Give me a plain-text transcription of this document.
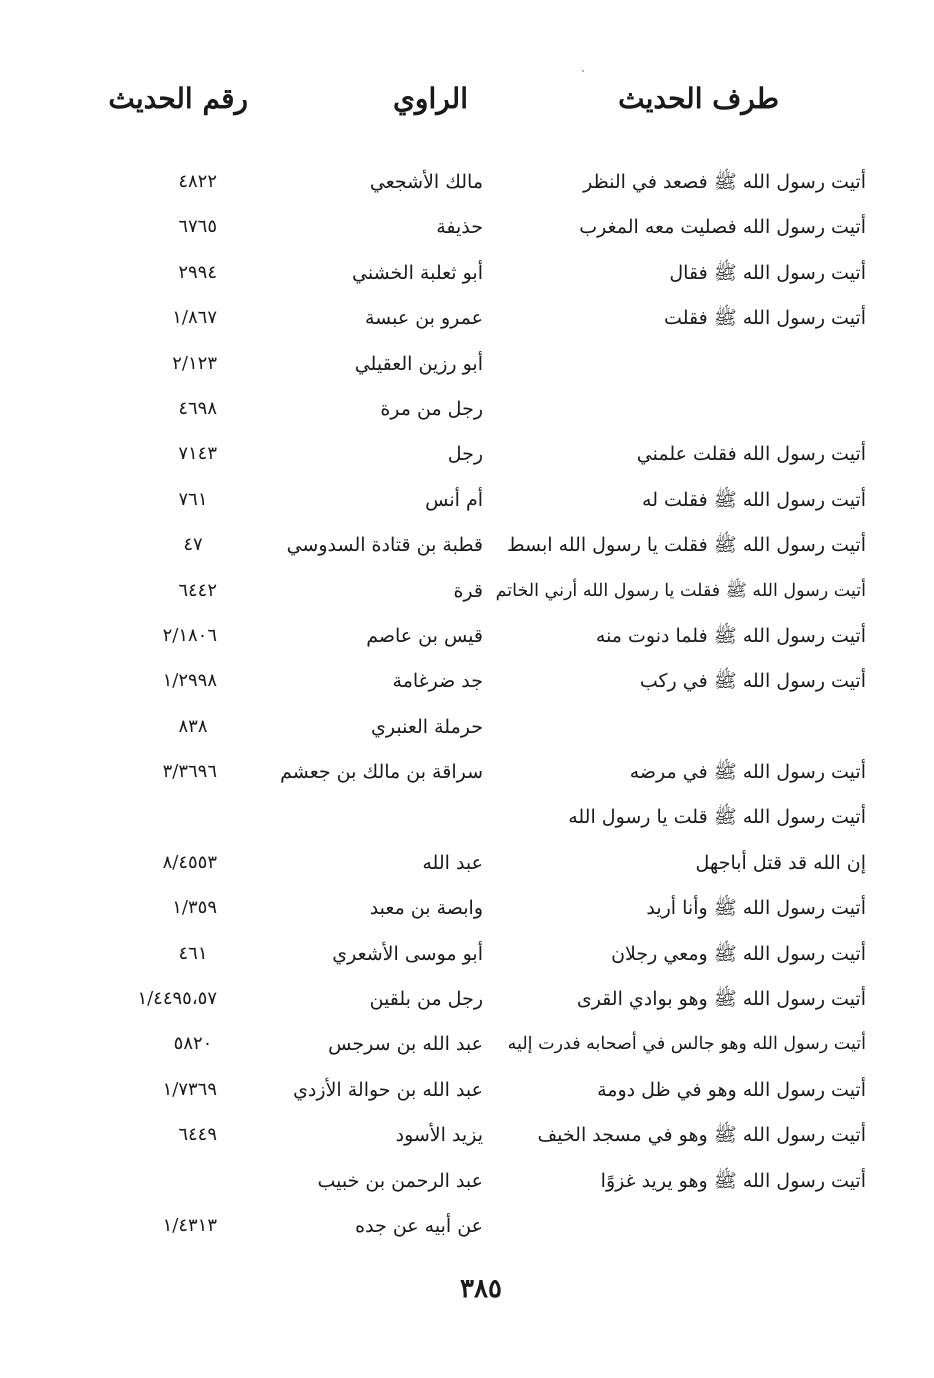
طرف الحديث
الراوي
رقم الحديث
أتيت رسول الله ﷺ فصعد في النظر
مالك الأشجعي
٤٨٢٢
أتيت رسول الله فصليت معه المغرب
حذيفة
٦٧٦٥
أتيت رسول الله ﷺ فقال
أبو ثعلبة الخشني
٢٩٩٤
أتيت رسول الله ﷺ فقلت
عمرو بن عبسة
١/٨٦٧
أبو رزين العقيلي
٢/١٢٣
رجل من مرة
٤٦٩٨
أتيت رسول الله فقلت علمني
رجل
٧١٤٣
أتيت رسول الله ﷺ فقلت له
أم أنس
٧٦١
أتيت رسول الله ﷺ فقلت يا رسول الله ابسط
قطبة بن قتادة السدوسي
٤٧
أتيت رسول الله ﷺ فقلت يا رسول الله أرني الخاتم
قرة
٦٤٤٢
أتيت رسول الله ﷺ فلما دنوت منه
قيس بن عاصم
٢/١٨٠٦
أتيت رسول الله ﷺ في ركب
جد ضرغامة
١/٢٩٩٨
حرملة العنبري
٨٣٨
أتيت رسول الله ﷺ في مرضه
سراقة بن مالك بن جعشم
٣/٣٦٩٦
أتيت رسول الله ﷺ قلت يا رسول الله
إن الله قد قتل أباجهل
عبد الله
٨/٤٥٥٣
أتيت رسول الله ﷺ وأنا أريد
وابصة بن معبد
١/٣٥٩
أتيت رسول الله ﷺ ومعي رجلان
أبو موسى الأشعري
٤٦١
أتيت رسول الله ﷺ وهو بوادي القرى
رجل من بلقين
١/٤٤٩٥،٥٧
أتيت رسول الله وهو جالس في أصحابه فدرت إليه
عبد الله بن سرجس
٥٨٢٠
أتيت رسول الله وهو في ظل دومة
عبد الله بن حوالة الأزدي
١/٧٣٦٩
أتيت رسول الله ﷺ وهو في مسجد الخيف
يزيد الأسود
٦٤٤٩
أتيت رسول الله ﷺ وهو يريد غزوًا
عبد الرحمن بن خبيب
عن أبيه عن جده
١/٤٣١٣
٣٨٥
